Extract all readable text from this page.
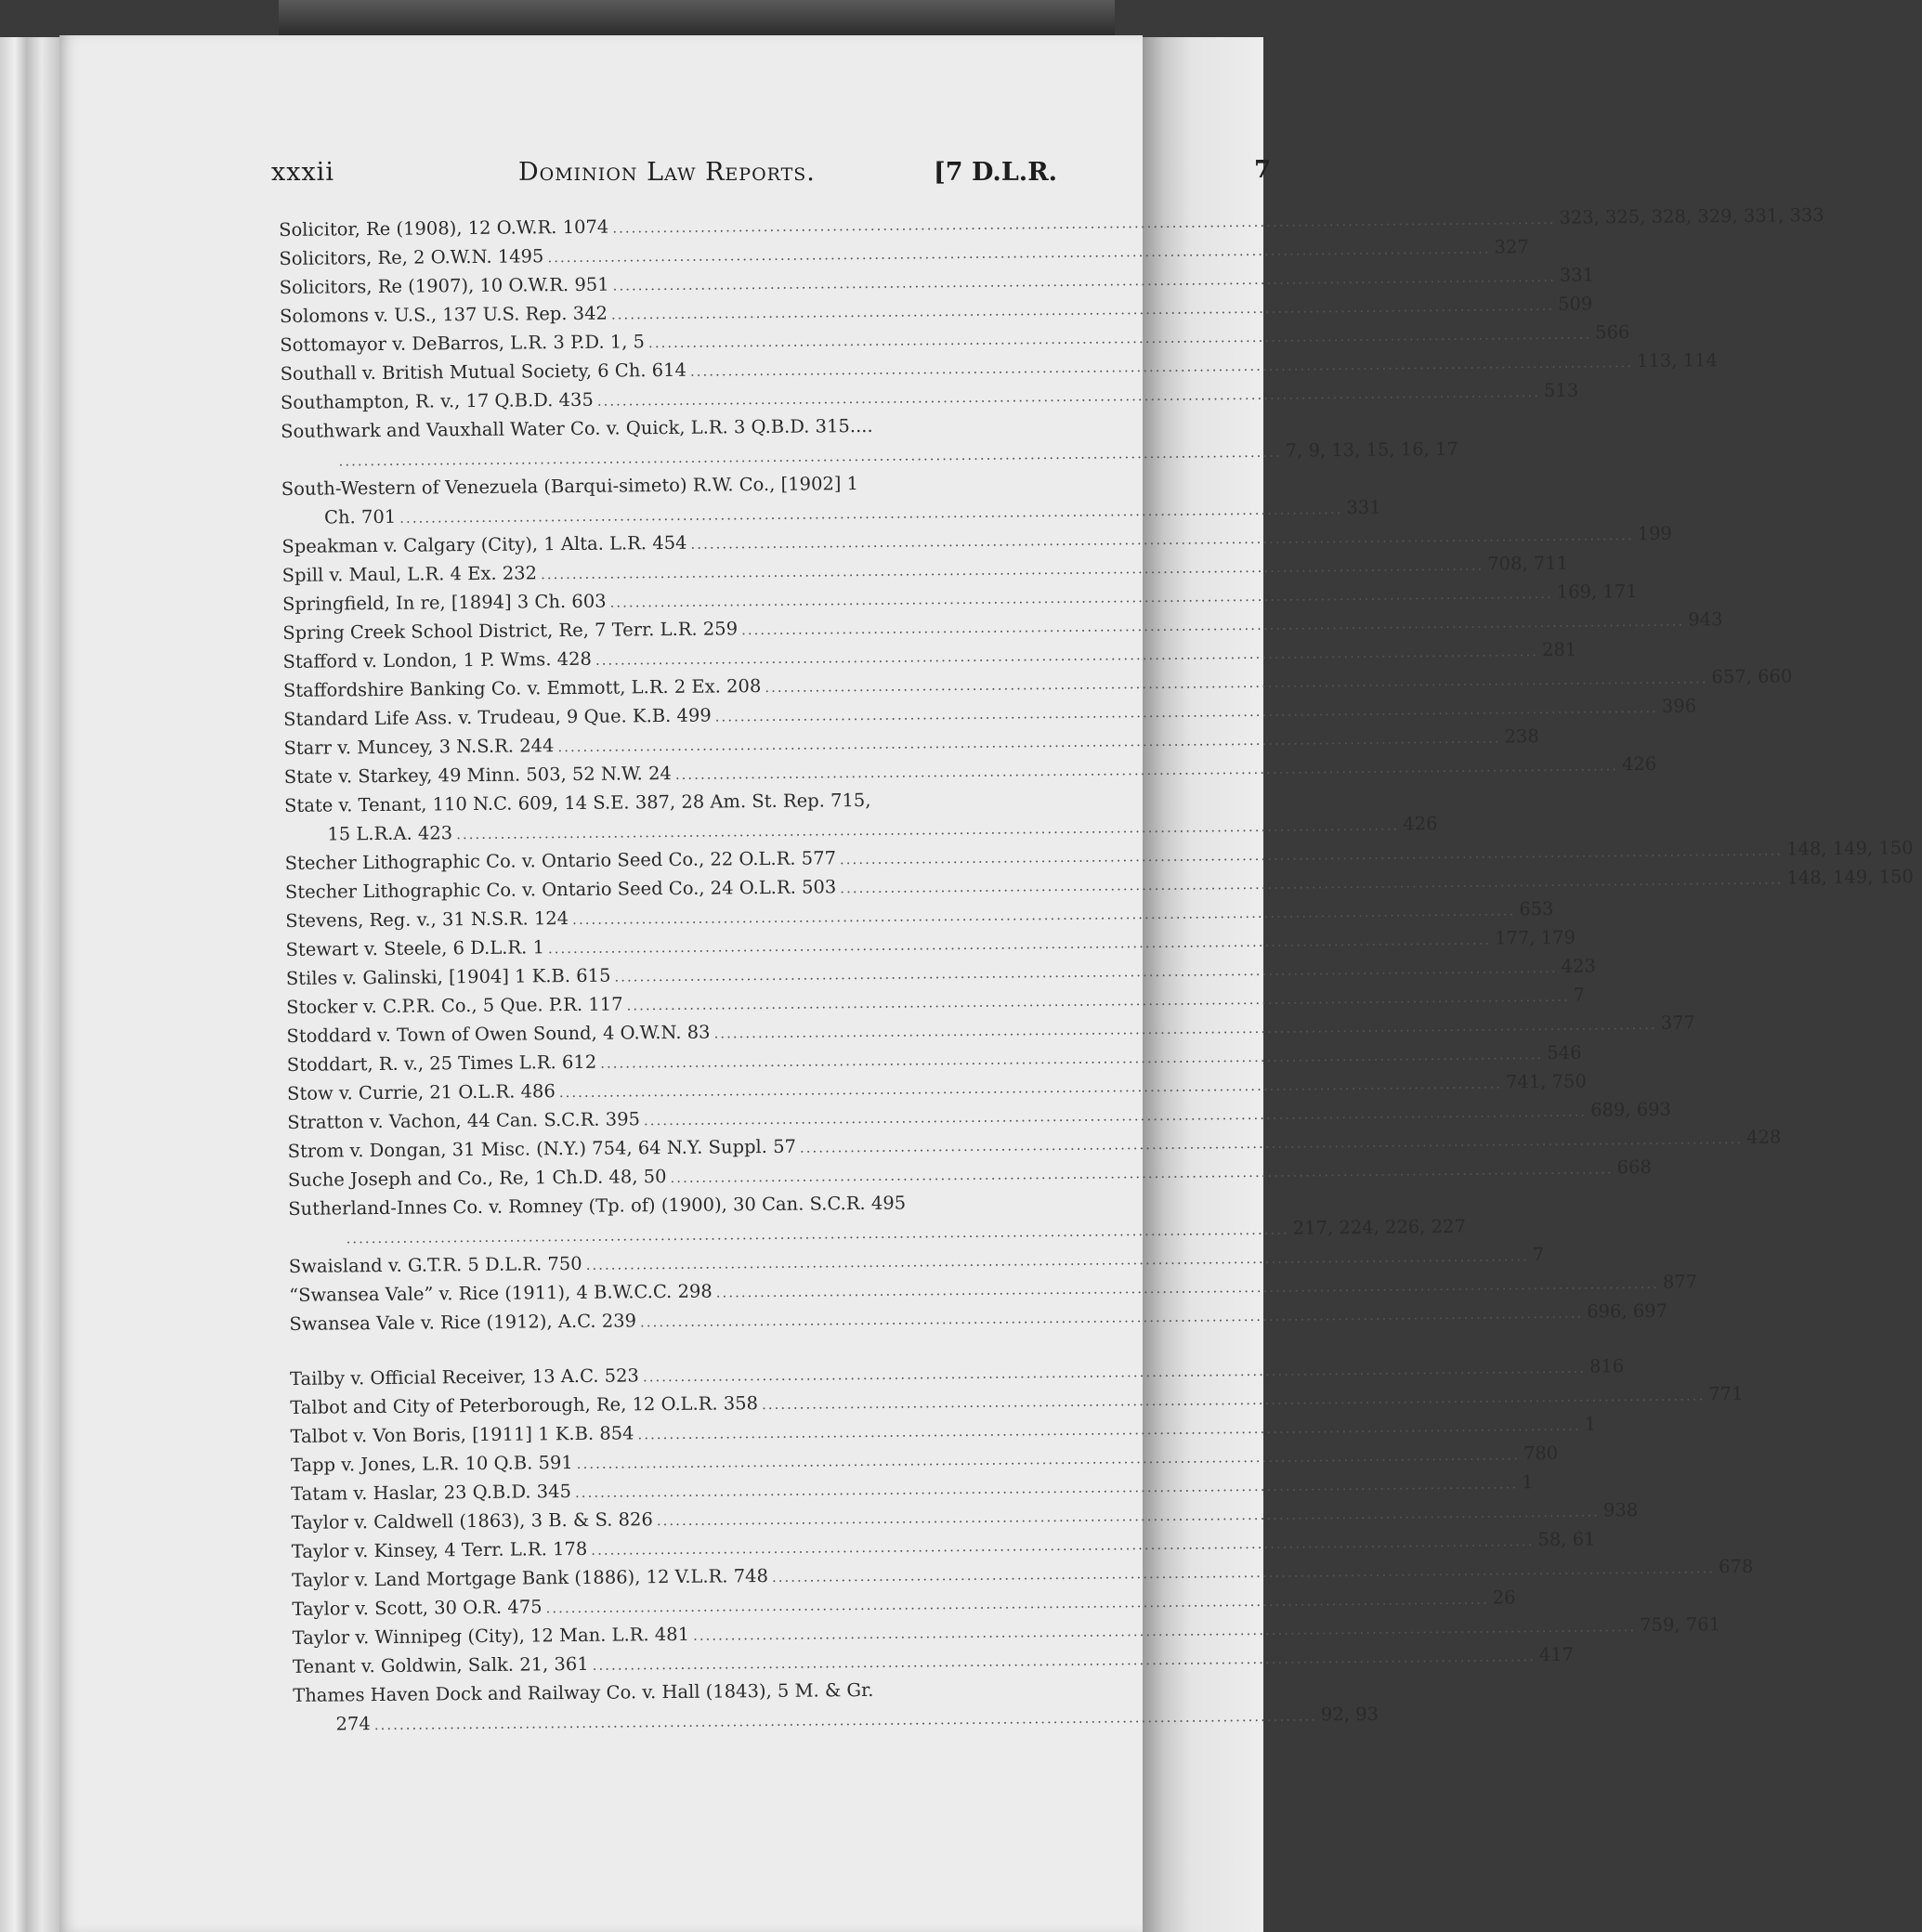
7
xxxii	Dominion Law Reports.	[7 D.L.R.
Solicitor, Re (1908), 12 O.W.R. 1074 ...................................................................................................................................................... 323, 325, 328, 329, 331, 333
Solicitors, Re, 2 O.W.N. 1495 ...................................................................................................................................................... 327
Solicitors, Re (1907), 10 O.W.R. 951 ...................................................................................................................................................... 331
Solomons v. U.S., 137 U.S. Rep. 342 ...................................................................................................................................................... 509
Sottomayor v. DeBarros, L.R. 3 P.D. 1, 5 ...................................................................................................................................................... 566
Southall v. British Mutual Society, 6 Ch. 614 ...................................................................................................................................................... 113, 114
Southampton, R. v., 17 Q.B.D. 435 ...................................................................................................................................................... 513
Southwark and Vauxhall Water Co. v. Quick, L.R. 3 Q.B.D. 315....
...................................................................................................................................................... 7, 9, 13, 15, 16, 17
South-Western of Venezuela (Barqui-simeto) R.W. Co., [1902] 1
Ch. 701 ...................................................................................................................................................... 331
Speakman v. Calgary (City), 1 Alta. L.R. 454 ...................................................................................................................................................... 199
Spill v. Maul, L.R. 4 Ex. 232 ...................................................................................................................................................... 708, 711
Springfield, In re, [1894] 3 Ch. 603 ...................................................................................................................................................... 169, 171
Spring Creek School District, Re, 7 Terr. L.R. 259 ...................................................................................................................................................... 943
Stafford v. London, 1 P. Wms. 428 ...................................................................................................................................................... 281
Staffordshire Banking Co. v. Emmott, L.R. 2 Ex. 208 ...................................................................................................................................................... 657, 660
Standard Life Ass. v. Trudeau, 9 Que. K.B. 499 ...................................................................................................................................................... 396
Starr v. Muncey, 3 N.S.R. 244 ...................................................................................................................................................... 238
State v. Starkey, 49 Minn. 503, 52 N.W. 24 ...................................................................................................................................................... 426
State v. Tenant, 110 N.C. 609, 14 S.E. 387, 28 Am. St. Rep. 715,
15 L.R.A. 423 ...................................................................................................................................................... 426
Stecher Lithographic Co. v. Ontario Seed Co., 22 O.L.R. 577 ...................................................................................................................................................... 148, 149, 150
Stecher Lithographic Co. v. Ontario Seed Co., 24 O.L.R. 503 ...................................................................................................................................................... 148, 149, 150
Stevens, Reg. v., 31 N.S.R. 124 ...................................................................................................................................................... 653
Stewart v. Steele, 6 D.L.R. 1 ...................................................................................................................................................... 177, 179
Stiles v. Galinski, [1904] 1 K.B. 615 ...................................................................................................................................................... 423
Stocker v. C.P.R. Co., 5 Que. P.R. 117 ...................................................................................................................................................... 7
Stoddard v. Town of Owen Sound, 4 O.W.N. 83 ...................................................................................................................................................... 377
Stoddart, R. v., 25 Times L.R. 612 ...................................................................................................................................................... 546
Stow v. Currie, 21 O.L.R. 486 ...................................................................................................................................................... 741, 750
Stratton v. Vachon, 44 Can. S.C.R. 395 ...................................................................................................................................................... 689, 693
Strom v. Dongan, 31 Misc. (N.Y.) 754, 64 N.Y. Suppl. 57 ...................................................................................................................................................... 428
Suche Joseph and Co., Re, 1 Ch.D. 48, 50 ...................................................................................................................................................... 668
Sutherland-Innes Co. v. Romney (Tp. of) (1900), 30 Can. S.C.R. 495
...................................................................................................................................................... 217, 224, 226, 227
Swaisland v. G.T.R. 5 D.L.R. 750 ...................................................................................................................................................... 7
“Swansea Vale” v. Rice (1911), 4 B.W.C.C. 298 ...................................................................................................................................................... 877
Swansea Vale v. Rice (1912), A.C. 239 ...................................................................................................................................................... 696, 697
Tailby v. Official Receiver, 13 A.C. 523 ...................................................................................................................................................... 816
Talbot and City of Peterborough, Re, 12 O.L.R. 358 ...................................................................................................................................................... 771
Talbot v. Von Boris, [1911] 1 K.B. 854 ...................................................................................................................................................... 1
Tapp v. Jones, L.R. 10 Q.B. 591 ...................................................................................................................................................... 780
Tatam v. Haslar, 23 Q.B.D. 345 ...................................................................................................................................................... 1
Taylor v. Caldwell (1863), 3 B. & S. 826 ...................................................................................................................................................... 938
Taylor v. Kinsey, 4 Terr. L.R. 178 ...................................................................................................................................................... 58, 61
Taylor v. Land Mortgage Bank (1886), 12 V.L.R. 748 ...................................................................................................................................................... 678
Taylor v. Scott, 30 O.R. 475 ...................................................................................................................................................... 26
Taylor v. Winnipeg (City), 12 Man. L.R. 481 ...................................................................................................................................................... 759, 761
Tenant v. Goldwin, Salk. 21, 361 ...................................................................................................................................................... 417
Thames Haven Dock and Railway Co. v. Hall (1843), 5 M. & Gr.
274 ...................................................................................................................................................... 92, 93
